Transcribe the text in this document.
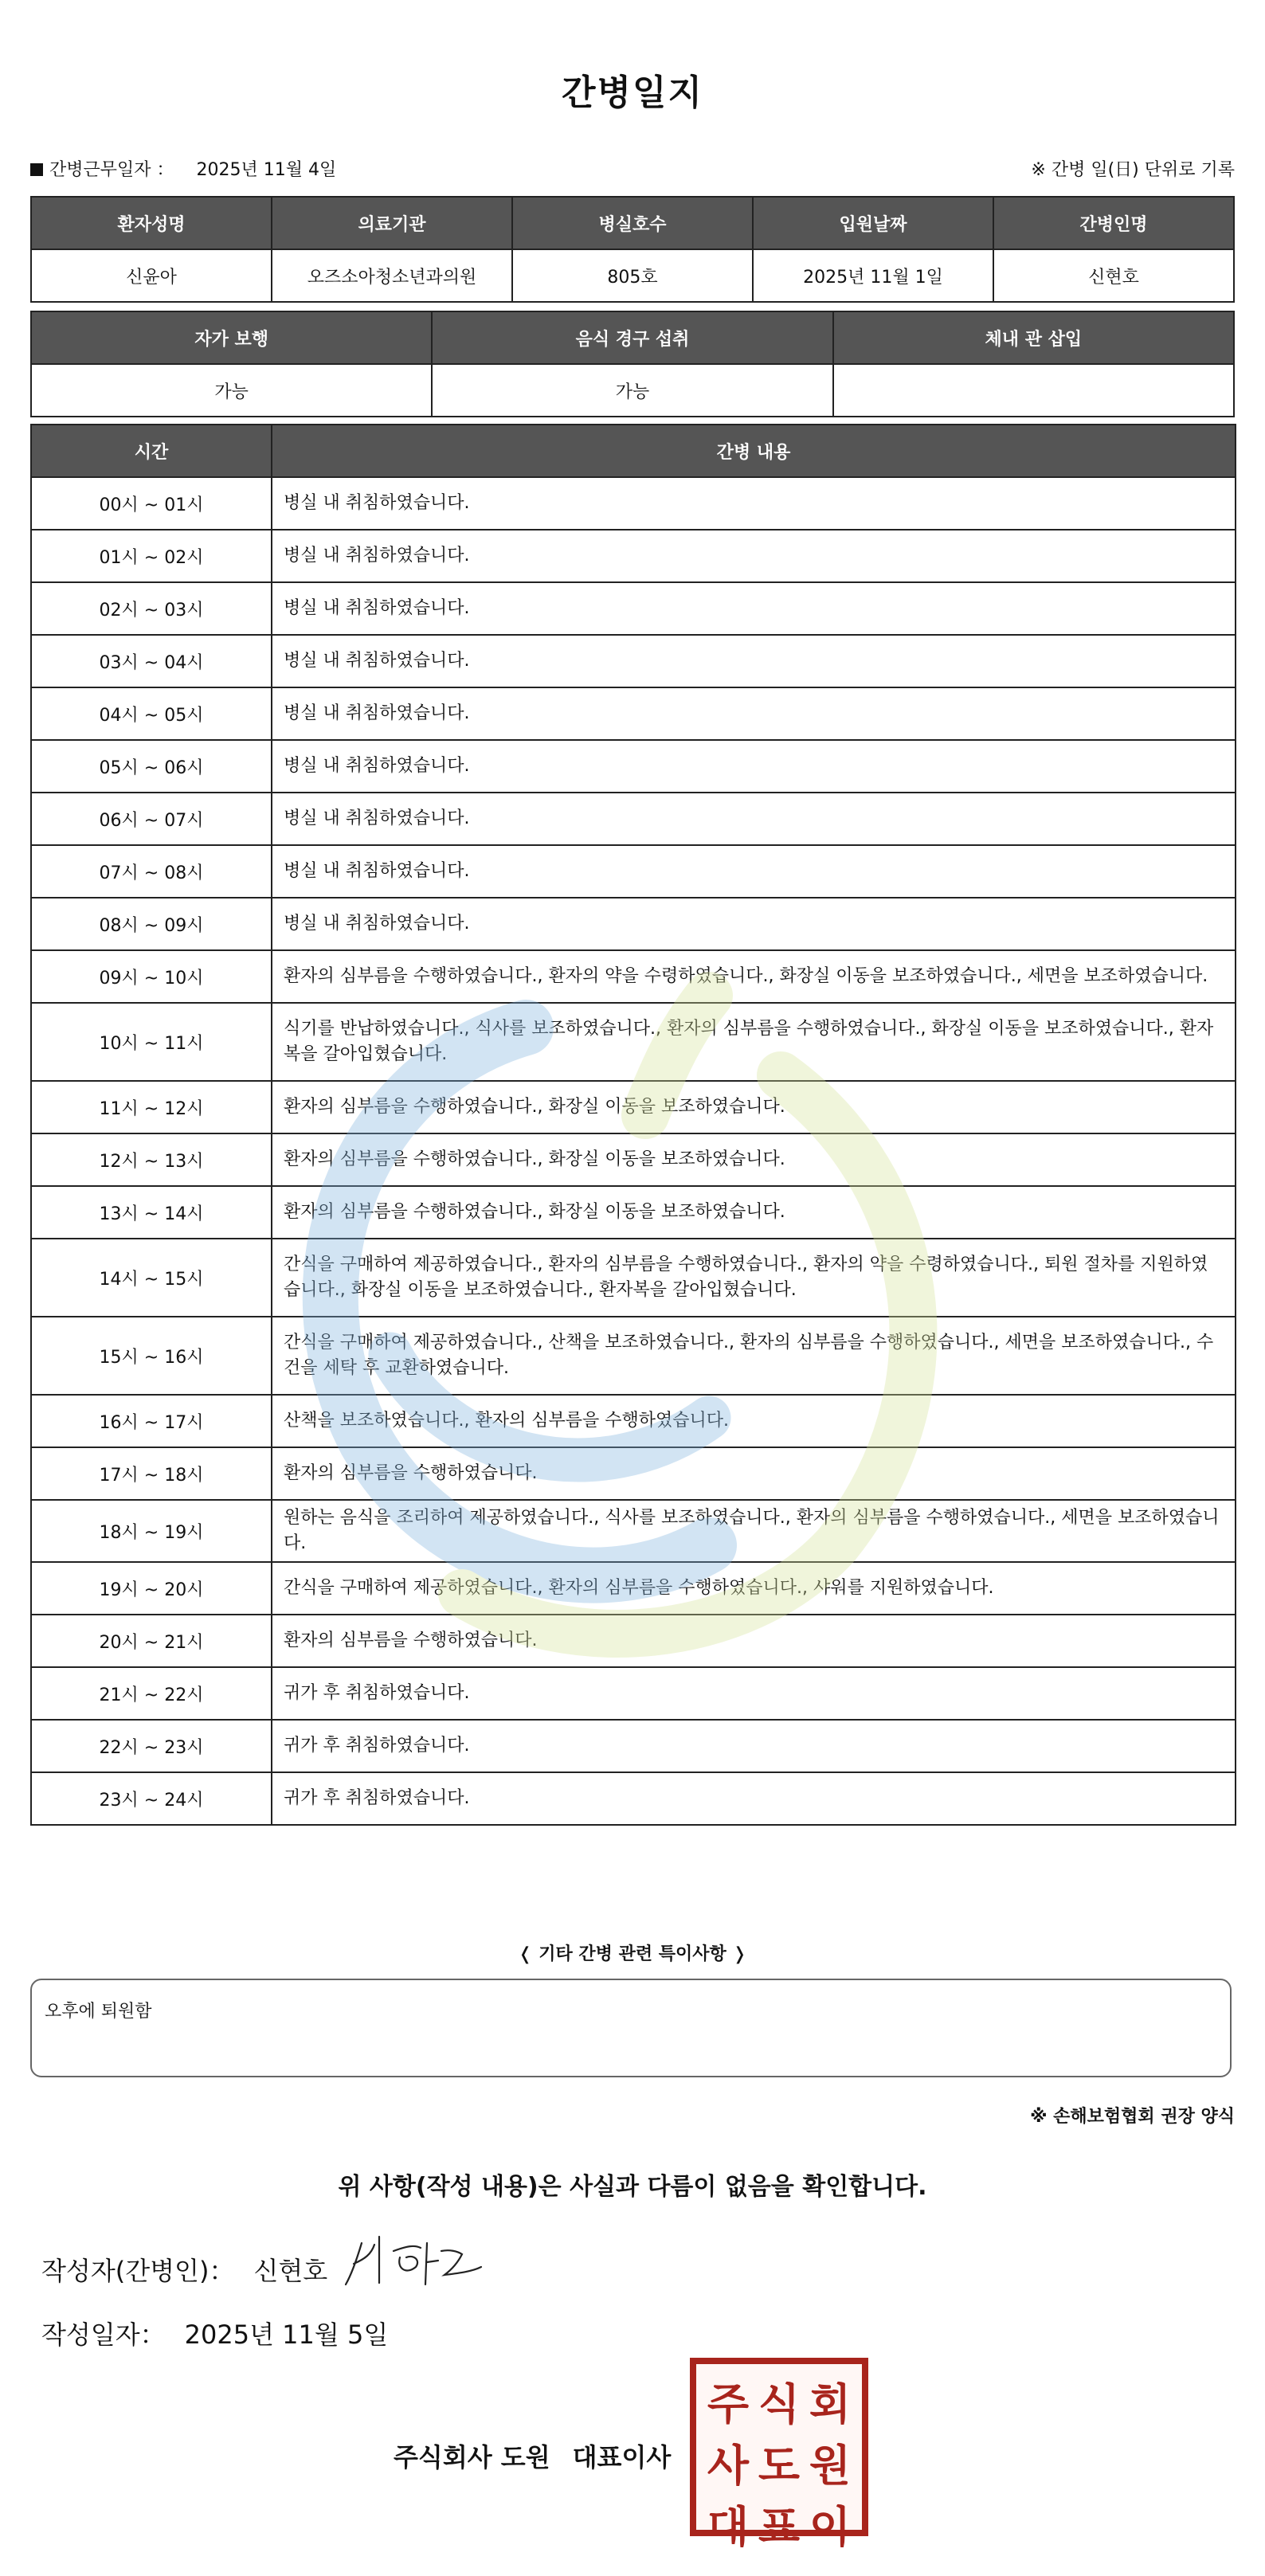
간병일지
간병근무일자 ： 2025년 11월 4일	※ 간병 일(日) 단위로 기록
환자성명	의료기관	병실호수	입원날짜	간병인명
신윤아	오즈소아청소년과의원	805호	2025년 11월 1일	신현호
자가 보행	음식 경구 섭취	체내 관 삽입
가능	가능	
시간	간병 내용
00시 ~ 01시	병실 내 취침하였습니다.
01시 ~ 02시	병실 내 취침하였습니다.
02시 ~ 03시	병실 내 취침하였습니다.
03시 ~ 04시	병실 내 취침하였습니다.
04시 ~ 05시	병실 내 취침하였습니다.
05시 ~ 06시	병실 내 취침하였습니다.
06시 ~ 07시	병실 내 취침하였습니다.
07시 ~ 08시	병실 내 취침하였습니다.
08시 ~ 09시	병실 내 취침하였습니다.
09시 ~ 10시	환자의 심부름을 수행하였습니다., 환자의 약을 수령하였습니다., 화장실 이동을 보조하였습니다., 세면을 보조하였습니다.
10시 ~ 11시	식기를 반납하였습니다., 식사를 보조하였습니다., 환자의 심부름을 수행하였습니다., 화장실 이동을 보조하였습니다., 환자복을 갈아입혔습니다.
11시 ~ 12시	환자의 심부름을 수행하였습니다., 화장실 이동을 보조하였습니다.
12시 ~ 13시	환자의 심부름을 수행하였습니다., 화장실 이동을 보조하였습니다.
13시 ~ 14시	환자의 심부름을 수행하였습니다., 화장실 이동을 보조하였습니다.
14시 ~ 15시	간식을 구매하여 제공하였습니다., 환자의 심부름을 수행하였습니다., 환자의 약을 수령하였습니다., 퇴원 절차를 지원하였습니다., 화장실 이동을 보조하였습니다., 환자복을 갈아입혔습니다.
15시 ~ 16시	간식을 구매하여 제공하였습니다., 산책을 보조하였습니다., 환자의 심부름을 수행하였습니다., 세면을 보조하였습니다., 수건을 세탁 후 교환하였습니다.
16시 ~ 17시	산책을 보조하였습니다., 환자의 심부름을 수행하였습니다.
17시 ~ 18시	환자의 심부름을 수행하였습니다.
18시 ~ 19시	원하는 음식을 조리하여 제공하였습니다., 식사를 보조하였습니다., 환자의 심부름을 수행하였습니다., 세면을 보조하였습니다.
19시 ~ 20시	간식을 구매하여 제공하였습니다., 환자의 심부름을 수행하였습니다., 샤워를 지원하였습니다.
20시 ~ 21시	환자의 심부름을 수행하였습니다.
21시 ~ 22시	귀가 후 취침하였습니다.
22시 ~ 23시	귀가 후 취침하였습니다.
23시 ~ 24시	귀가 후 취침하였습니다.
❬ 기타 간병 관련 특이사항 ❭
오후에 퇴원함
※ 손해보험협회 권장 양식
위 사항(작성 내용)은 사실과 다름이 없음을 확인합니다.
작성자(간병인)： 신현호
작성일자： 2025년 11월 5일
주식회사 도원 대표이사
주 식 회
사 도 원
대 표 이
